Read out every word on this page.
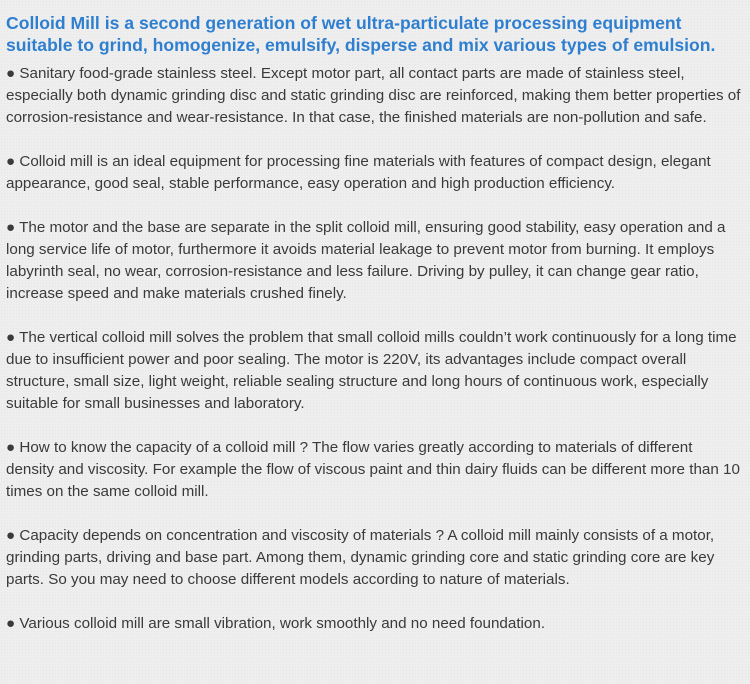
Colloid Mill is a second generation of wet ultra-particulate processing equipment suitable to grind, homogenize, emulsify, disperse and mix various types of emulsion.

● Sanitary food-grade stainless steel. Except motor part, all contact parts are made of stainless steel, especially both dynamic grinding disc and static grinding disc are reinforced, making them better properties of corrosion-resistance and wear-resistance. In that case, the finished materials are non-pollution and safe.

● Colloid mill is an ideal equipment for processing fine materials with features of compact design, elegant appearance, good seal, stable performance, easy operation and high production efficiency.

● The motor and the base are separate in the split colloid mill, ensuring good stability, easy operation and a long service life of motor, furthermore it avoids material leakage to prevent motor from burning. It employs labyrinth seal, no wear, corrosion-resistance and less failure. Driving by pulley, it can change gear ratio, increase speed and make materials crushed finely.

● The vertical colloid mill solves the problem that small colloid mills couldn’t work continuously for a long time due to insufficient power and poor sealing. The motor is 220V, its advantages include compact overall structure, small size, light weight, reliable sealing structure and long hours of continuous work, especially suitable for small businesses and laboratory.

● How to know the capacity of a colloid mill ? The flow varies greatly according to materials of different density and viscosity. For example the flow of viscous paint and thin dairy fluids can be different more than 10 times on the same colloid mill.

● Capacity depends on concentration and viscosity of materials ? A colloid mill mainly consists of a motor, grinding parts, driving and base part. Among them, dynamic grinding core and static grinding core are key parts. So you may need to choose different models according to nature of materials.

● Various colloid mill are small vibration, work smoothly and no need foundation.
